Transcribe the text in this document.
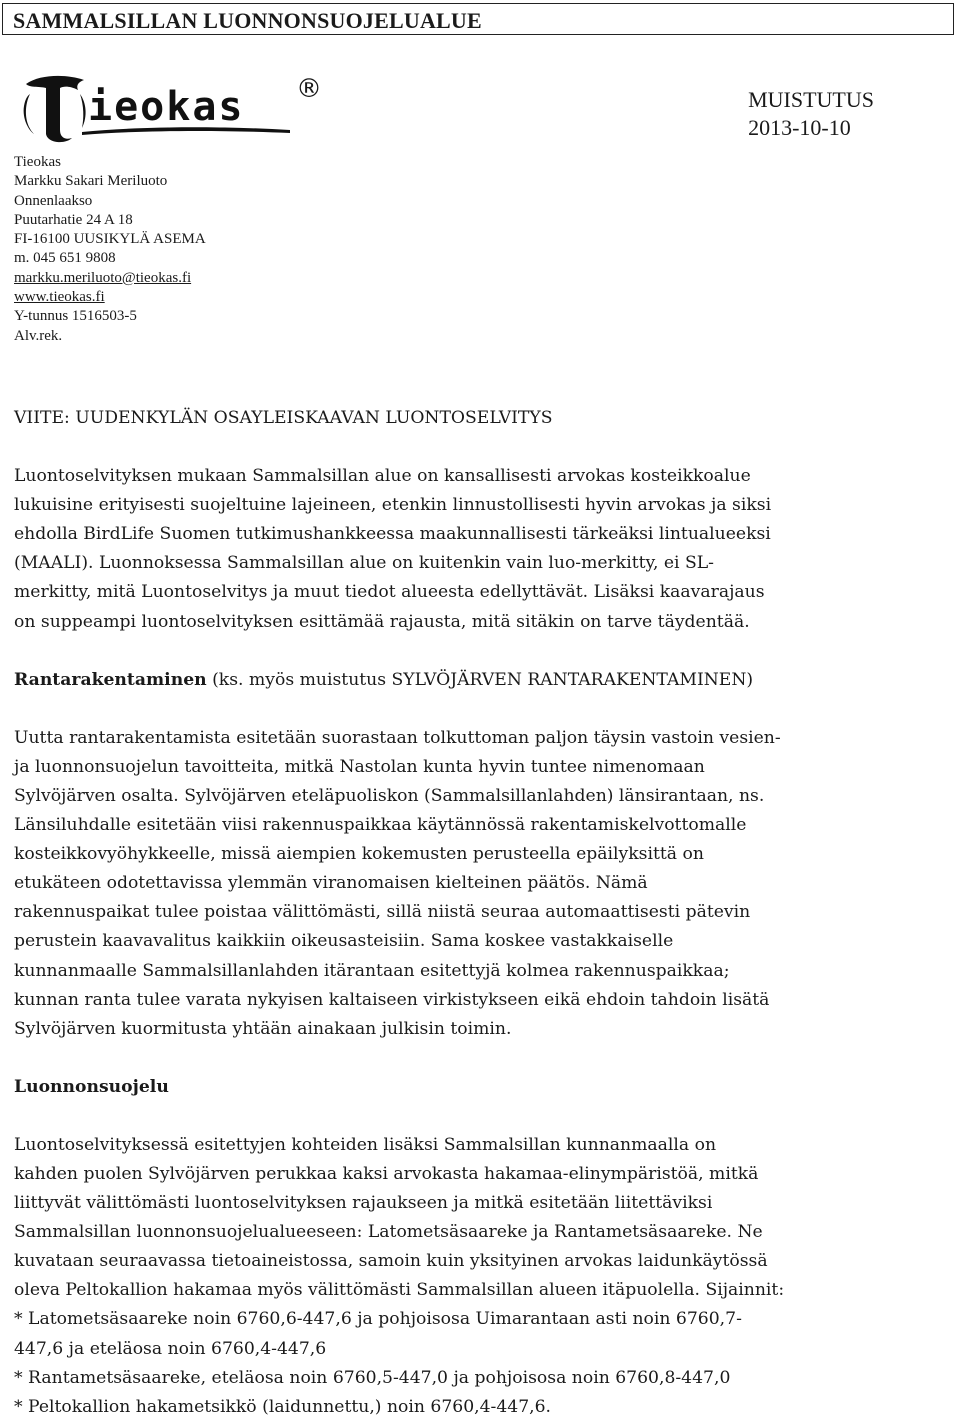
SAMMALSILLAN LUONNONSUOJELUALUE
ieokas ®	MUISTUTUS
2013-10-10
Tieokas
Markku Sakari Meriluoto
Onnenlaakso
Puutarhatie 24 A 18
FI-16100 UUSIKYLÄ ASEMA
m. 045 651 9808
markku.meriluoto@tieokas.fi
www.tieokas.fi
Y-tunnus 1516503-5
Alv.rek.

VIITE: UUDENKYLÄN OSAYLEISKAAVAN LUONTOSELVITYS

Luontoselvityksen mukaan Sammalsillan alue on kansallisesti arvokas kosteikkoalue
lukuisine erityisesti suojeltuine lajeineen, etenkin linnustollisesti hyvin arvokas ja siksi
ehdolla BirdLife Suomen tutkimushankkeessa maakunnallisesti tärkeäksi lintualueeksi
(MAALI). Luonnoksessa Sammalsillan alue on kuitenkin vain luo-merkitty, ei SL-
merkitty, mitä Luontoselvitys ja muut tiedot alueesta edellyttävät. Lisäksi kaavarajaus
on suppeampi luontoselvityksen esittämää rajausta, mitä sitäkin on tarve täydentää.

Rantarakentaminen (ks. myös muistutus SYLVÖJÄRVEN RANTARAKENTAMINEN)

Uutta rantarakentamista esitetään suorastaan tolkuttoman paljon täysin vastoin vesien-
ja luonnonsuojelun tavoitteita, mitkä Nastolan kunta hyvin tuntee nimenomaan
Sylvöjärven osalta. Sylvöjärven eteläpuoliskon (Sammalsillanlahden) länsirantaan, ns.
Länsiluhdalle esitetään viisi rakennuspaikkaa käytännössä rakentamiskelvottomalle
kosteikkovyöhykkeelle, missä aiempien kokemusten perusteella epäilyksittä on
etukäteen odotettavissa ylemmän viranomaisen kielteinen päätös. Nämä
rakennuspaikat tulee poistaa välittömästi, sillä niistä seuraa automaattisesti pätevin
perustein kaavavalitus kaikkiin oikeusasteisiin. Sama koskee vastakkaiselle
kunnanmaalle Sammalsillanlahden itärantaan esitettyjä kolmea rakennuspaikkaa;
kunnan ranta tulee varata nykyisen kaltaiseen virkistykseen eikä ehdoin tahdoin lisätä
Sylvöjärven kuormitusta yhtään ainakaan julkisin toimin.

Luonnonsuojelu

Luontoselvityksessä esitettyjen kohteiden lisäksi Sammalsillan kunnanmaalla on
kahden puolen Sylvöjärven perukkaa kaksi arvokasta hakamaa-elinympäristöä, mitkä
liittyvät välittömästi luontoselvityksen rajaukseen ja mitkä esitetään liitettäviksi
Sammalsillan luonnonsuojelualueeseen: Latometsäsaareke ja Rantametsäsaareke. Ne
kuvataan seuraavassa tietoaineistossa, samoin kuin yksityinen arvokas laidunkäytössä
oleva Peltokallion hakamaa myös välittömästi Sammalsillan alueen itäpuolella. Sijainnit:
* Latometsäsaareke noin 6760,6-447,6 ja pohjoisosa Uimarantaan asti noin 6760,7-
447,6 ja eteläosa noin 6760,4-447,6
* Rantametsäsaareke, eteläosa noin 6760,5-447,0 ja pohjoisosa noin 6760,8-447,0
* Peltokallion hakametsikkö (laidunnettu,) noin 6760,4-447,6.
